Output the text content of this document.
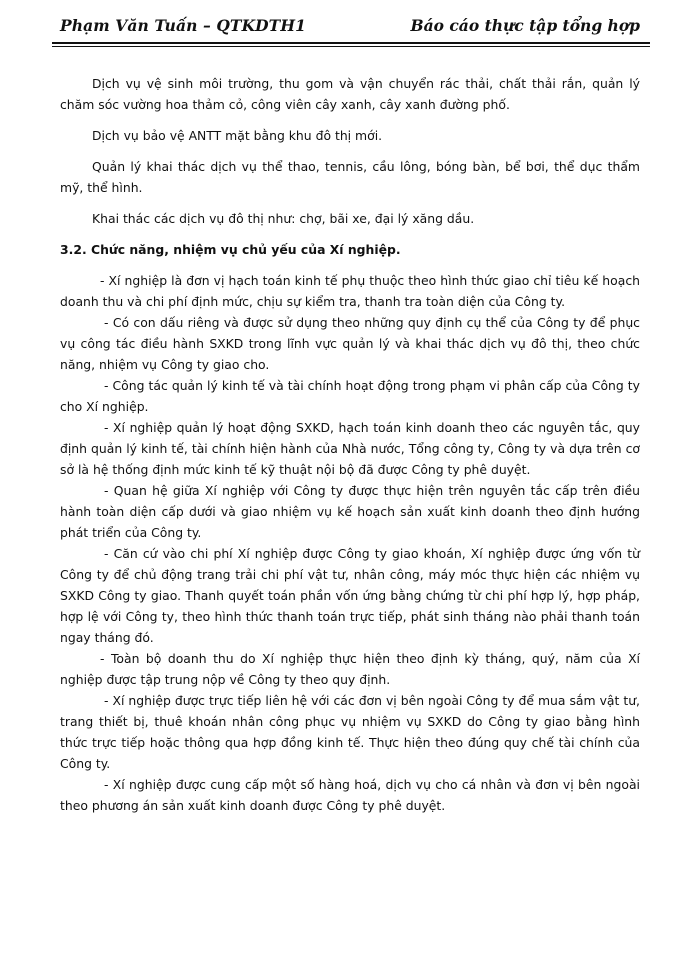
Phạm Văn Tuấn – QTKDTH1	Báo cáo thực tập tổng hợp

Dịch vụ vệ sinh môi trường, thu gom và vận chuyển rác thải, chất thải rắn, quản lý chăm sóc vường hoa thảm cỏ, công viên cây xanh, cây xanh đường phố.

Dịch vụ bảo vệ ANTT mặt bằng khu đô thị mới.

Quản lý khai thác dịch vụ thể thao, tennis, cầu lông, bóng bàn, bể bơi, thể dục thẩm mỹ, thể hình.

Khai thác các dịch vụ đô thị như: chợ, bãi xe, đại lý xăng dầu.

3.2. Chức năng, nhiệm vụ chủ yếu của Xí nghiệp.

- Xí nghiệp là đơn vị hạch toán kinh tế phụ thuộc theo hình thức giao chỉ tiêu kế hoạch doanh thu và chi phí định mức, chịu sự kiểm tra, thanh tra toàn diện của Công ty.

- Có con dấu riêng và được sử dụng theo những quy định cụ thể của Công ty để phục vụ công tác điều hành SXKD trong lĩnh vực quản lý và khai thác dịch vụ đô thị, theo chức năng, nhiệm vụ Công ty giao cho.

- Công tác quản lý kinh tế và tài chính hoạt động trong phạm vi phân cấp của Công ty cho Xí nghiệp.

- Xí nghiệp quản lý hoạt động SXKD, hạch toán kinh doanh theo các nguyên tắc, quy định quản lý kinh tế, tài chính hiện hành của Nhà nước, Tổng công ty, Công ty và dựa trên cơ sở là hệ thống định mức kinh tế kỹ thuật nội bộ đã được Công ty phê duyệt.

- Quan hệ giữa Xí nghiệp với Công ty được thực hiện trên nguyên tắc cấp trên điều hành toàn diện cấp dưới và giao nhiệm vụ kế hoạch sản xuất kinh doanh theo định hướng phát triển của Công ty.

- Căn cứ vào chi phí Xí nghiệp được Công ty giao khoán, Xí nghiệp được ứng vốn từ Công ty để chủ động trang trải chi phí vật tư, nhân công, máy móc thực hiện các nhiệm vụ SXKD Công ty giao. Thanh quyết toán phần vốn ứng bằng chứng từ chi phí hợp lý, hợp pháp, hợp lệ với Công ty, theo hình thức thanh toán trực tiếp, phát sinh tháng nào phải thanh toán ngay tháng đó.

- Toàn bộ doanh thu do Xí nghiệp thực hiện theo định kỳ tháng, quý, năm của Xí nghiệp được tập trung nộp về Công ty theo quy định.

- Xí nghiệp được trực tiếp liên hệ với các đơn vị bên ngoài Công ty để mua sắm vật tư, trang thiết bị, thuê khoán nhân công phục vụ nhiệm vụ SXKD do Công ty giao bằng hình thức trực tiếp hoặc thông qua hợp đồng kinh tế. Thực hiện theo đúng quy chế tài chính của Công ty.

- Xí nghiệp được cung cấp một số hàng hoá, dịch vụ cho cá nhân và đơn vị bên ngoài theo phương án sản xuất kinh doanh được Công ty phê duyệt.
